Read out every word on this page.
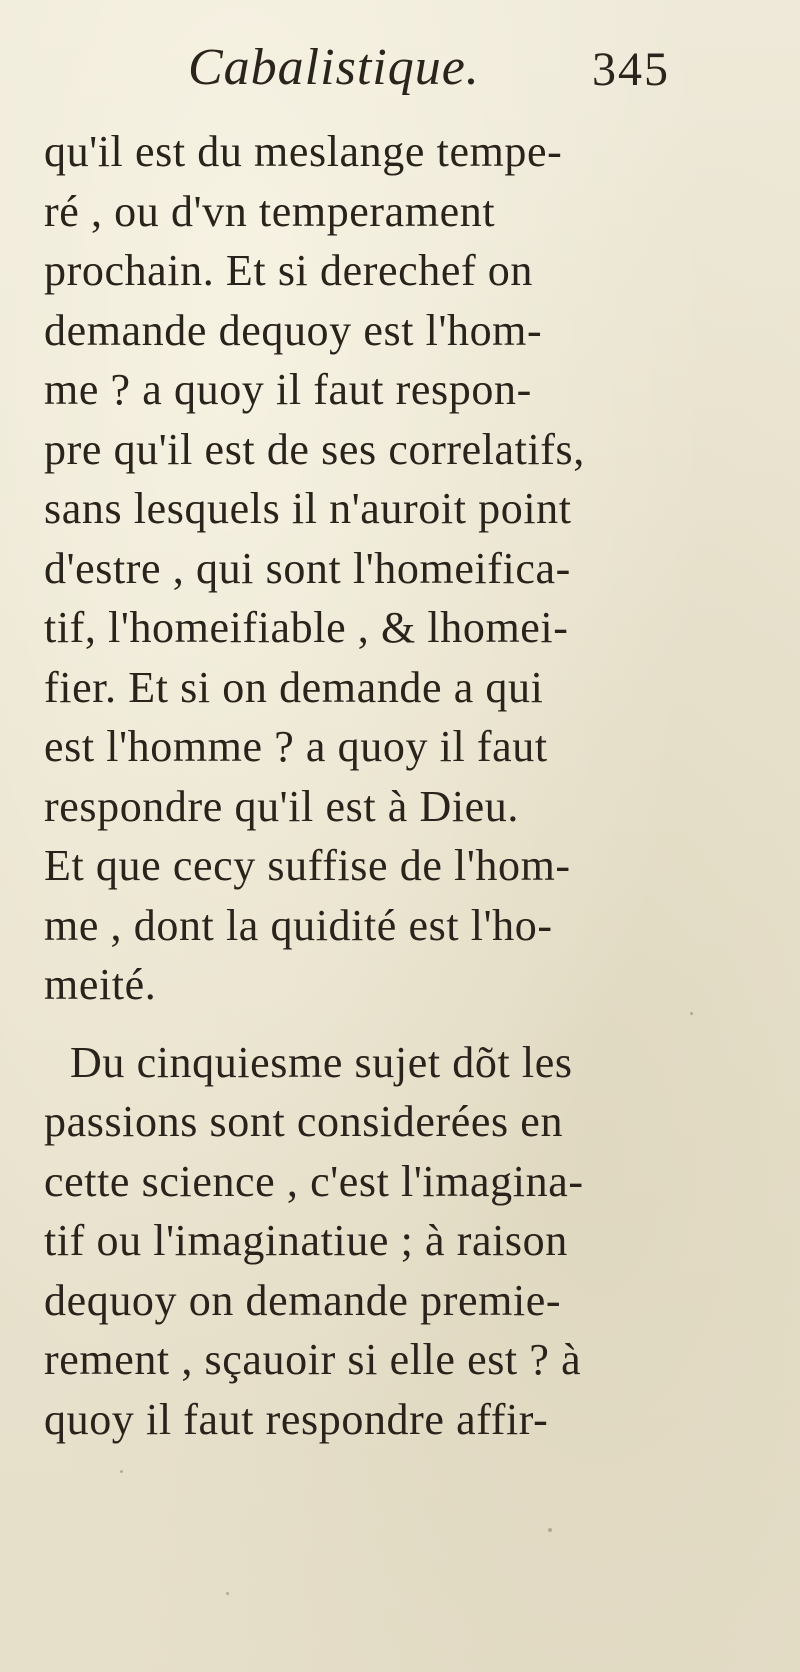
Cabalistique. 345
qu'il est du meslange tempe-
ré , ou d'vn temperament
prochain. Et si derechef on
demande dequoy est l'hom-
me ? a quoy il faut respon-
pre qu'il est de ses correlatifs,
sans lesquels il n'auroit point
d'estre , qui sont l'homeifica-
tif, l'homeifiable , & lhomei-
fier. Et si on demande a qui
est l'homme ? a quoy il faut
respondre qu'il est à Dieu.
Et que cecy suffise de l'hom-
me , dont la quidité est l'ho-
meité.
Du cinquiesme sujet dõt les
passions sont considerées en
cette science , c'est l'imagina-
tif ou l'imaginatiue ; à raison
dequoy on demande premie-
rement , sçauoir si elle est ? à
quoy il faut respondre affir-
